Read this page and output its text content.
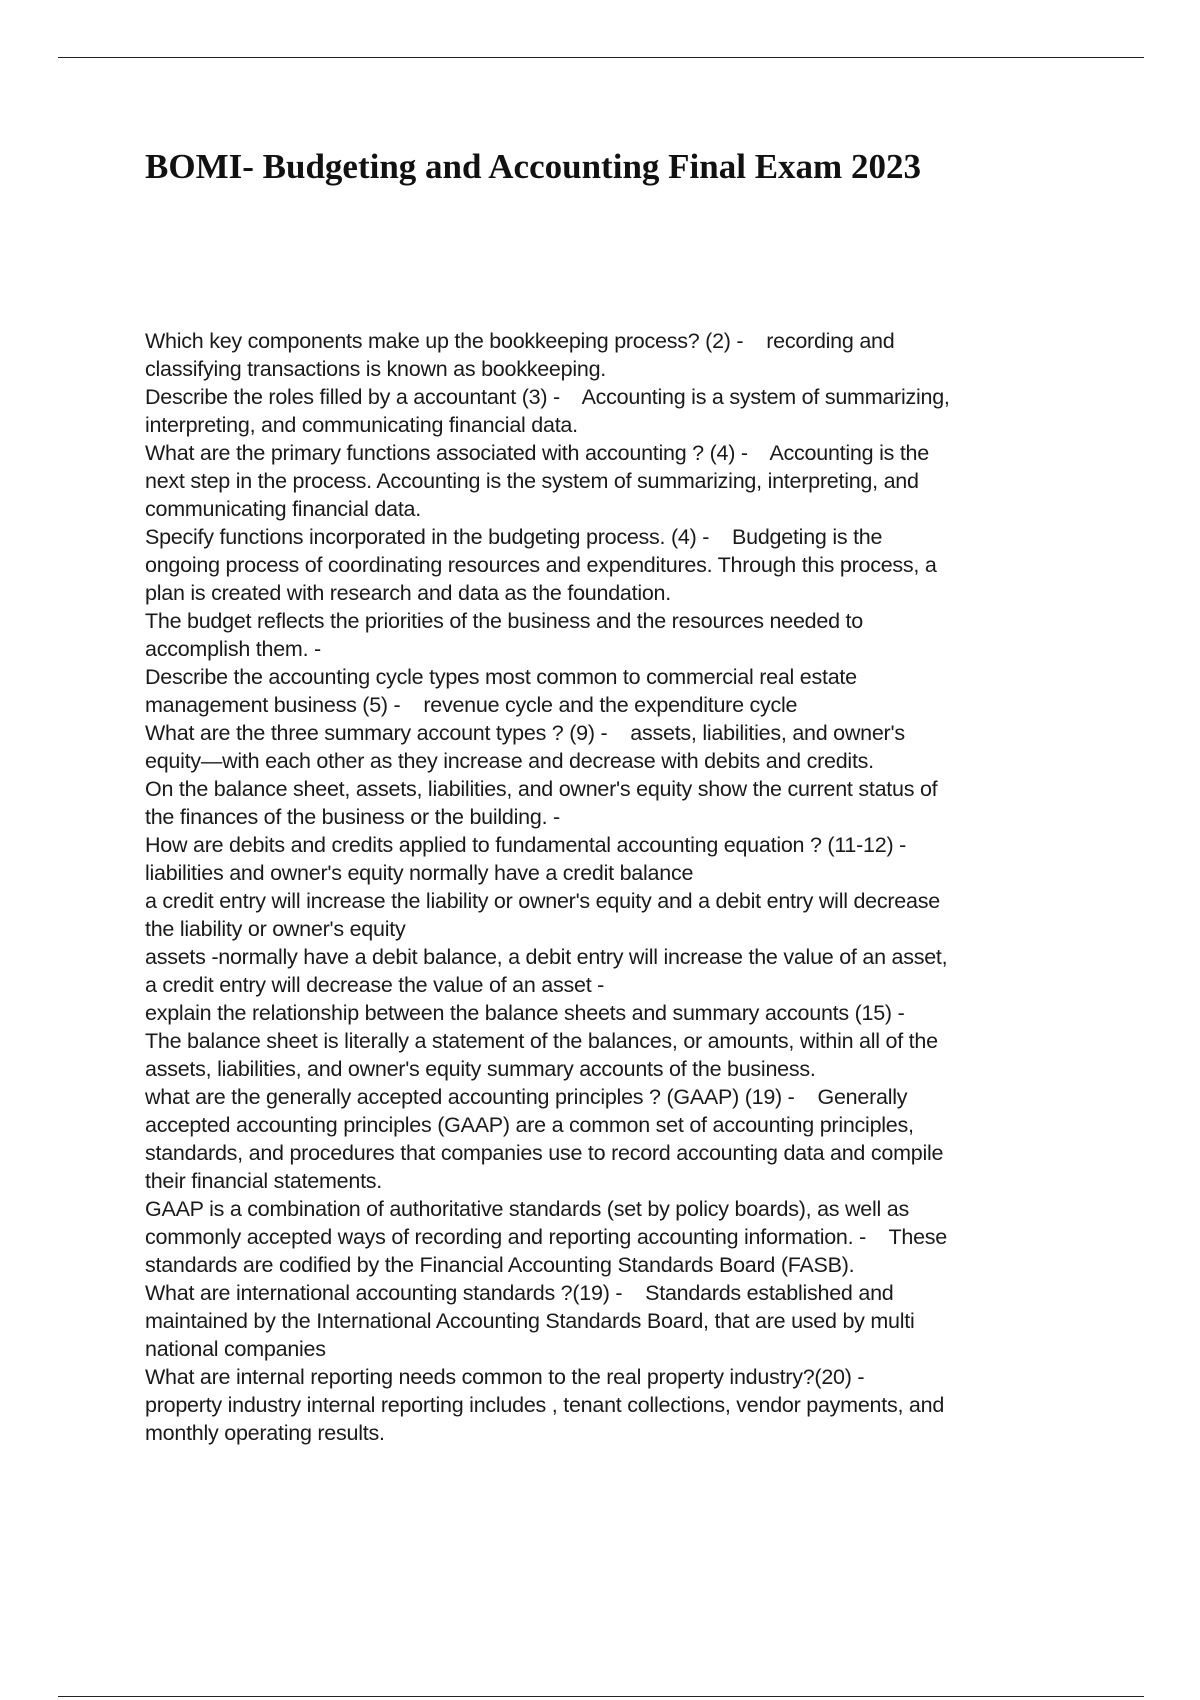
BOMI- Budgeting and Accounting Final Exam 2023
Which key components make up the bookkeeping process? (2) -    recording and
classifying transactions is known as bookkeeping.
Describe the roles filled by a accountant (3) -    Accounting is a system of summarizing,
interpreting, and communicating financial data.
What are the primary functions associated with accounting ? (4) -    Accounting is the
next step in the process. Accounting is the system of summarizing, interpreting, and
communicating financial data.
Specify functions incorporated in the budgeting process. (4) -    Budgeting is the
ongoing process of coordinating resources and expenditures. Through this process, a
plan is created with research and data as the foundation.
The budget reflects the priorities of the business and the resources needed to
accomplish them. -
Describe the accounting cycle types most common to commercial real estate
management business (5) -    revenue cycle and the expenditure cycle
What are the three summary account types ? (9) -    assets, liabilities, and owner's
equity—with each other as they increase and decrease with debits and credits.
On the balance sheet, assets, liabilities, and owner's equity show the current status of
the finances of the business or the building. -
How are debits and credits applied to fundamental accounting equation ? (11-12) -
liabilities and owner's equity normally have a credit balance
a credit entry will increase the liability or owner's equity and a debit entry will decrease
the liability or owner's equity
assets -normally have a debit balance, a debit entry will increase the value of an asset,
a credit entry will decrease the value of an asset -
explain the relationship between the balance sheets and summary accounts (15) -
The balance sheet is literally a statement of the balances, or amounts, within all of the
assets, liabilities, and owner's equity summary accounts of the business.
what are the generally accepted accounting principles ? (GAAP) (19) -    Generally
accepted accounting principles (GAAP) are a common set of accounting principles,
standards, and procedures that companies use to record accounting data and compile
their financial statements.
GAAP is a combination of authoritative standards (set by policy boards), as well as
commonly accepted ways of recording and reporting accounting information. -    These
standards are codified by the Financial Accounting Standards Board (FASB).
What are international accounting standards ?(19) -    Standards established and
maintained by the International Accounting Standards Board, that are used by multi
national companies
What are internal reporting needs common to the real property industry?(20) -
property industry internal reporting includes , tenant collections, vendor payments, and
monthly operating results.
